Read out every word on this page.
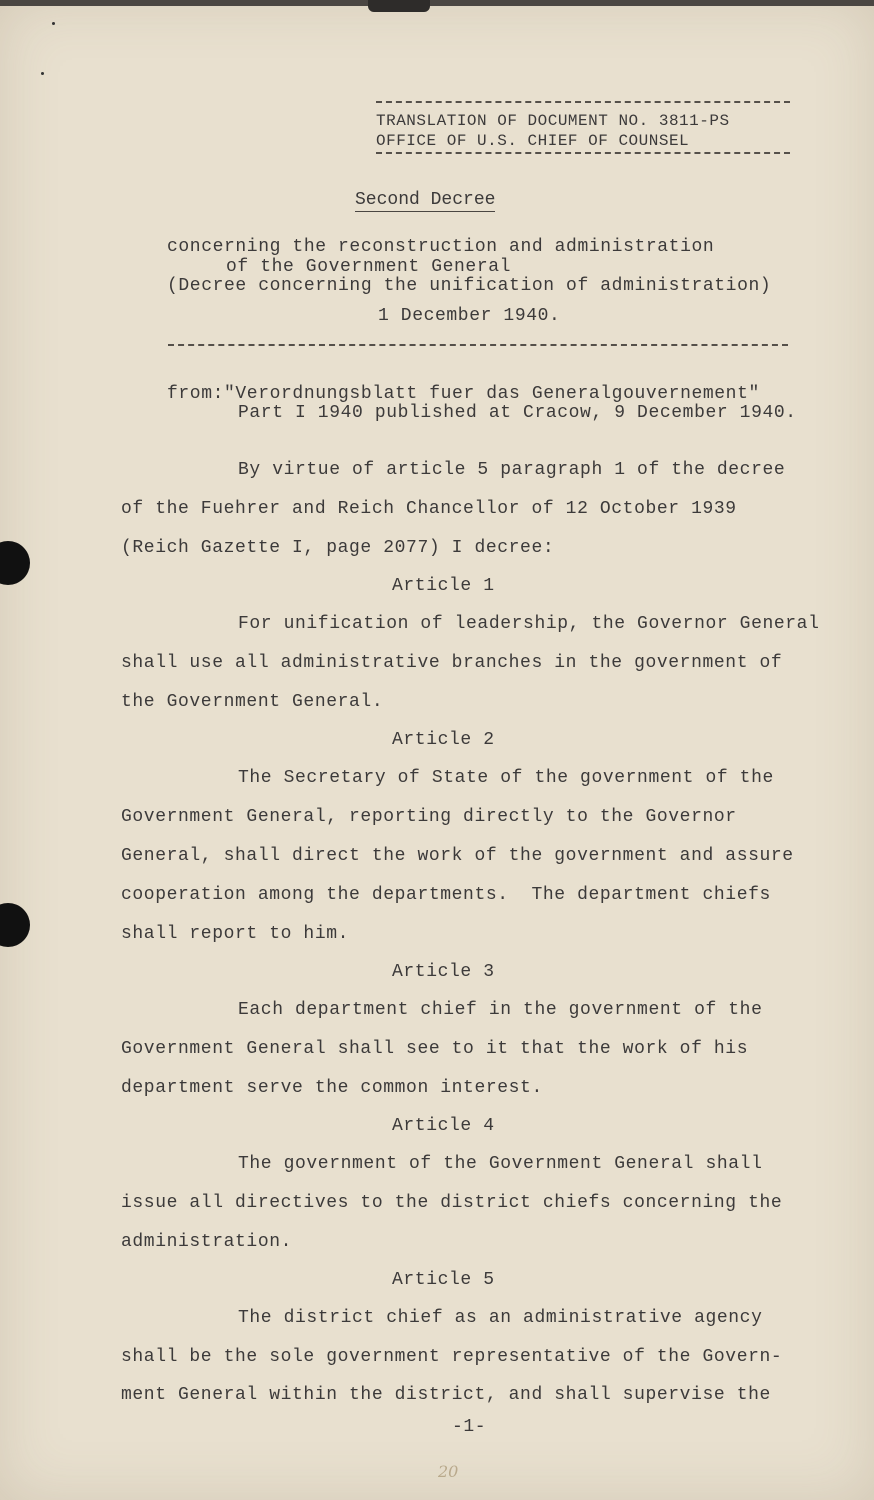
TRANSLATION OF DOCUMENT NO. 3811-PS
OFFICE OF U.S. CHIEF OF COUNSEL
Second Decree
concerning the reconstruction and administration
of the Government General
(Decree concerning the unification of administration)
1 December 1940.
from:"Verordnungsblatt fuer das Generalgouvernement"
Part I 1940 published at Cracow, 9 December 1940.
By virtue of article 5 paragraph 1 of the decree
of the Fuehrer and Reich Chancellor of 12 October 1939
(Reich Gazette I, page 2077) I decree:
Article 1
For unification of leadership, the Governor General
shall use all administrative branches in the government of
the Government General.
Article 2
The Secretary of State of the government of the
Government General, reporting directly to the Governor
General, shall direct the work of the government and assure
cooperation among the departments.  The department chiefs
shall report to him.
Article 3
Each department chief in the government of the
Government General shall see to it that the work of his
department serve the common interest.
Article 4
The government of the Government General shall
issue all directives to the district chiefs concerning the
administration.
Article 5
The district chief as an administrative agency
shall be the sole government representative of the Govern-
ment General within the district, and shall supervise the
-1-
20
